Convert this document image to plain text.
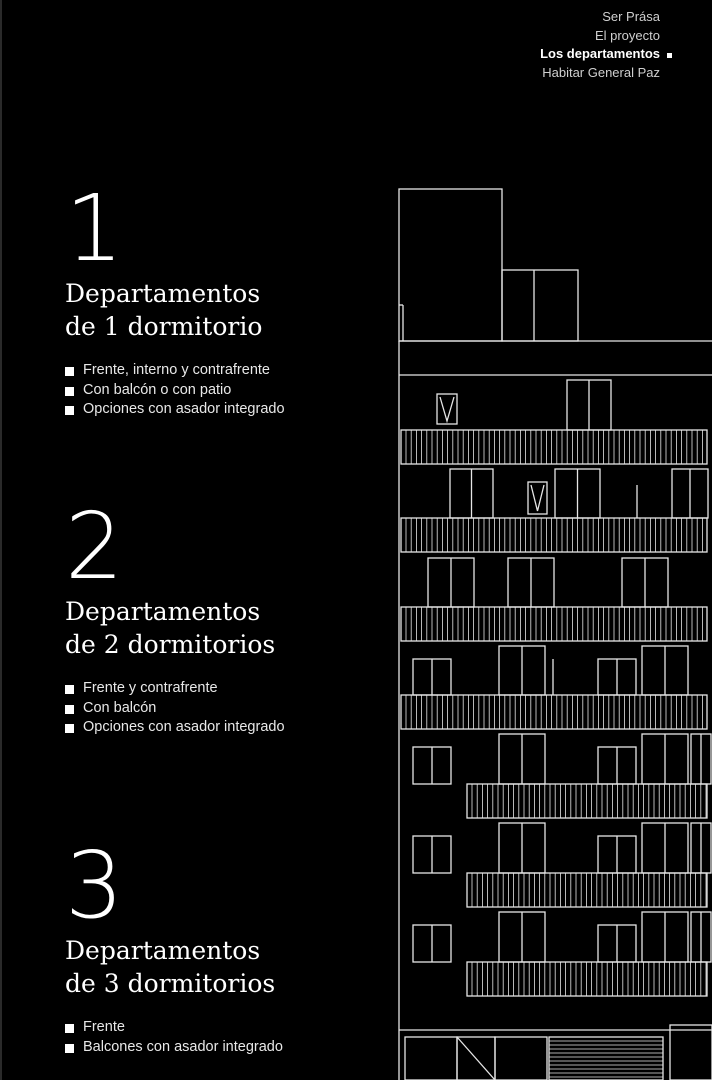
Ser Prása
El proyecto
Los departamentos
Habitar General Paz
1
Departamentos
de 1 dormitorio
Frente, interno y contrafrente
Con balcón o con patio
Opciones con asador integrado
2
Departamentos
de 2 dormitorios
Frente y contrafrente
Con balcón
Opciones con asador integrado
3
Departamentos
de 3 dormitorios
Frente
Balcones con asador integrado
